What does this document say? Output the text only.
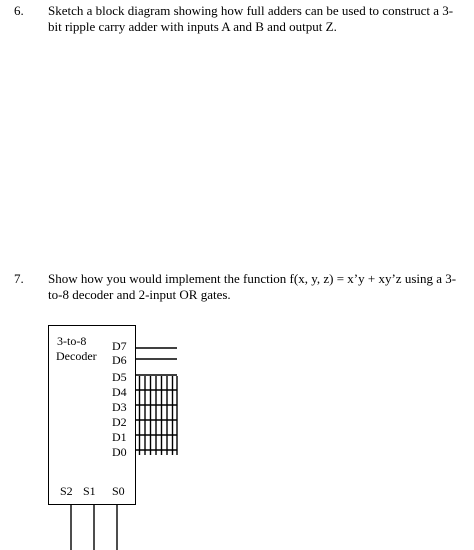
6. Sketch a block diagram showing how full adders can be used to construct a 3-bit ripple carry adder with inputs A and B and output Z.
7. Show how you would implement the function f(x, y, z) = x’y + xy’z using a 3-to-8 decoder and 2-input OR gates.
3-to-8
Decoder
D7
D6
D5
D4
D3
D2
D1
D0
S2 S1 S0
